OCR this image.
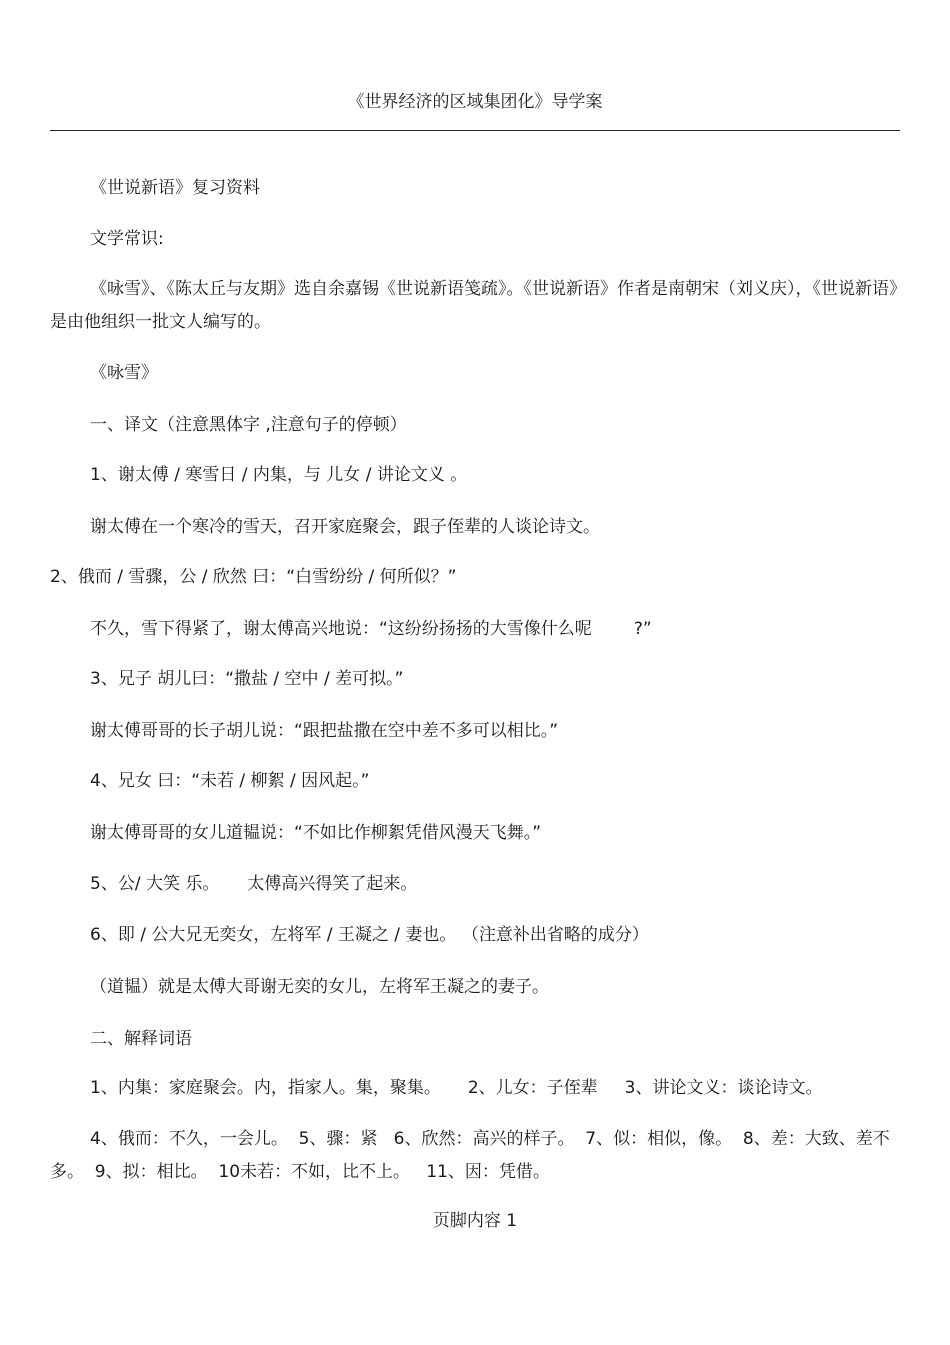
《世界经济的区域集团化》导学案
《世说新语》复习资料
文学常识:
《咏雪》、《陈太丘与友期》选自余嘉锡《世说新语笺疏》。《世说新语》作者是南朝宋（刘义庆），《世说新语》是由他组织一批文人编写的。
《咏雪》
一、译文（注意黑体字 ,注意句子的停顿）
1、谢太傅 / 寒雪日 / 内集，与 儿女 / 讲论文义 。
谢太傅在一个寒冷的雪天，召开家庭聚会，跟子侄辈的人谈论诗文。
2、俄而 / 雪骤，公 / 欣然 曰：“白雪纷纷 / 何所似？”
不久，雪下得紧了，谢太傅高兴地说：“这纷纷扬扬的大雪像什么呢 ?”
3、兄子 胡儿曰：“撒盐 / 空中 / 差可拟。”
谢太傅哥哥的长子胡儿说：“跟把盐撒在空中差不多可以相比。”
4、兄女 曰：“未若 / 柳絮 / 因风起。”
谢太傅哥哥的女儿道韫说：“不如比作柳絮凭借风漫天飞舞。”
5、公/ 大笑 乐。 太傅高兴得笑了起来。
6、即 / 公大兄无奕女，左将军 / 王凝之 / 妻也。 （注意补出省略的成分）
（道韫）就是太傅大哥谢无奕的女儿，左将军王凝之的妻子。
二、解释词语
1、内集：家庭聚会。内，指家人。集，聚集。     2、儿女：子侄辈     3、讲论文义：谈论诗文。
4、俄而：不久，一会儿。  5、骤：紧   6、欣然：高兴的样子。  7、似：相似，像。  8、差：大致、差不多。  9、拟：相比。  10未若：不如，比不上。   11、因：凭借。
页脚内容 1
